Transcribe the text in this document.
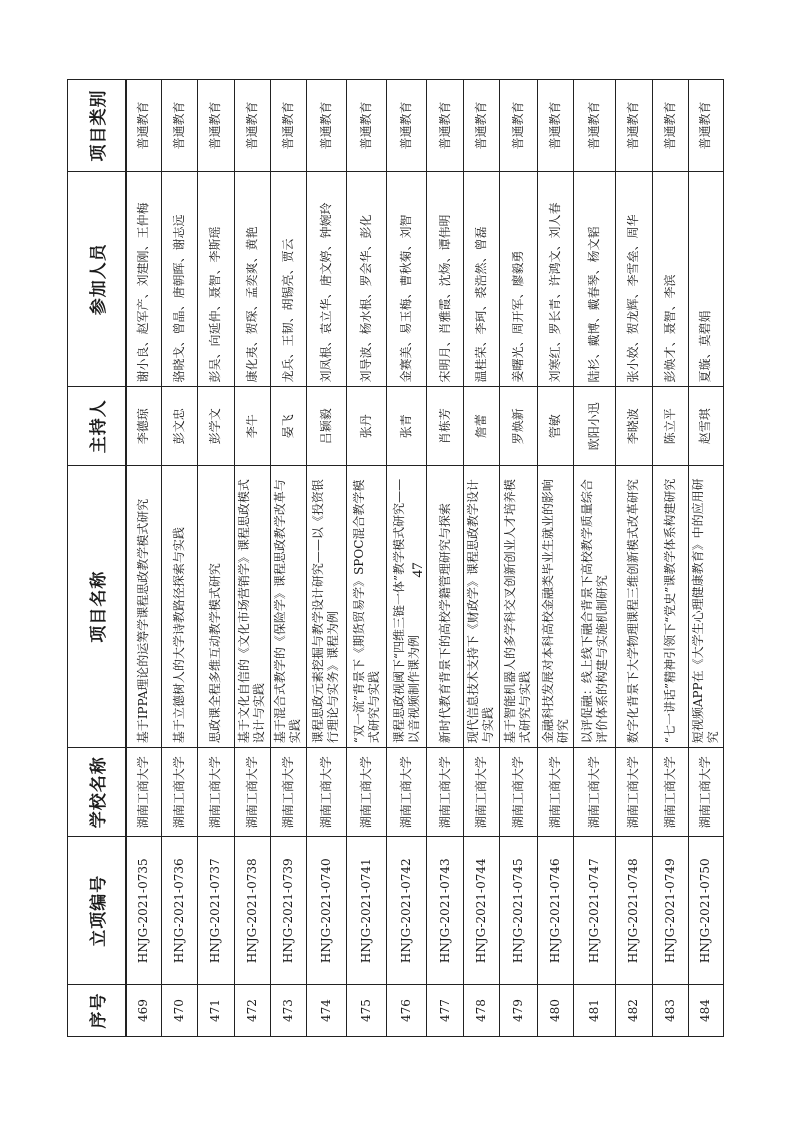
序号	立项编号	学校名称	项目名称	主持人	参加人员	项目类别
469	HNJG-2021-0735	湖南工商大学	基于IPPA理论的运筹学课程思政教学模式研究	李德琼	谢小良、赵军产、刘建刚、王仲梅	普通教育
470	HNJG-2021-0736	湖南工商大学	基于立德树人的大学诗教路径探索与实践	彭文忠	骆晓戈、曾晶、唐朝晖、谢志远	普通教育
471	HNJG-2021-0737	湖南工商大学	思政课全程多维互动教学模式研究	彭学文	彭吴、向延仲、聂智、李斯瑶	普通教育
472	HNJG-2021-0738	湖南工商大学	基于文化自信的《文化市场营销学》课程思政模式设计与实践	李牛	康化夷、贺琛、孟奕爽、黄艳	普通教育
473	HNJG-2021-0739	湖南工商大学	基于混合式教学的《保险学》课程思政教学改革与实践	晏飞	龙兵、王韧、胡锡亮、贾云	普通教育
474	HNJG-2021-0740	湖南工商大学	课程思政元素挖掘与教学设计研究——以《投资银行理论与实务》课程为例	吕颖毅	刘凤根、袁立华、唐文婷、钟婉玲	普通教育
475	HNJG-2021-0741	湖南工商大学	“双一流”背景下《期货贸易学》SPOC混合教学模式研究与实践	张丹	刘导波、杨水根、罗会华、彭化	普通教育
476	HNJG-2021-0742	湖南工商大学	课程思政视阈下“四维三链一体”教学模式研究——以音视频制作课为例	张青	金赛美、易玉梅、曹秋菊、刘智	普通教育
477	HNJG-2021-0743	湖南工商大学	新时代教育背景下的高校学籍管理研究与探索	肖栋芳	宋明月、肖雅霞、沈炀、谭伟明	普通教育
478	HNJG-2021-0744	湖南工商大学	现代信息技术支持下《财政学》课程思政教学设计与实践	詹蕾	温桂荣、李珂、裘浩然、曾磊	普通教育
479	HNJG-2021-0745	湖南工商大学	基于智能机器人的多学科交叉创新创业人才培养模式研究与实践	罗焕新	姜曙光、周开军、廖毅勇	普通教育
480	HNJG-2021-0746	湖南工商大学	金融科技发展对本科高校金融类毕业生就业的影响研究	管敏	刘寒红、罗长青、许鸿文、刘人春	普通教育
481	HNJG-2021-0747	湖南工商大学	以评促融：线上线下融合背景下高校教学质量综合评价体系的构建与实施机制研究	欧阳小迅	陆杉、戴博、戴春琴、杨文韬	普通教育
482	HNJG-2021-0748	湖南工商大学	数字化背景下大学物理课程三维创新模式改革研究	李晓波	张小姣、贺龙辉、李雪垒、周华	普通教育
483	HNJG-2021-0749	湖南工商大学	“七一讲话”精神引领下“党史”课教学体系构建研究	陈立平	彭焕才、聂智、李滨	普通教育
484	HNJG-2021-0750	湖南工商大学	短视频APP在《大学生心理健康教育》中的应用研究	赵雪琪	夏璇、莫碧娟	普通教育
47
